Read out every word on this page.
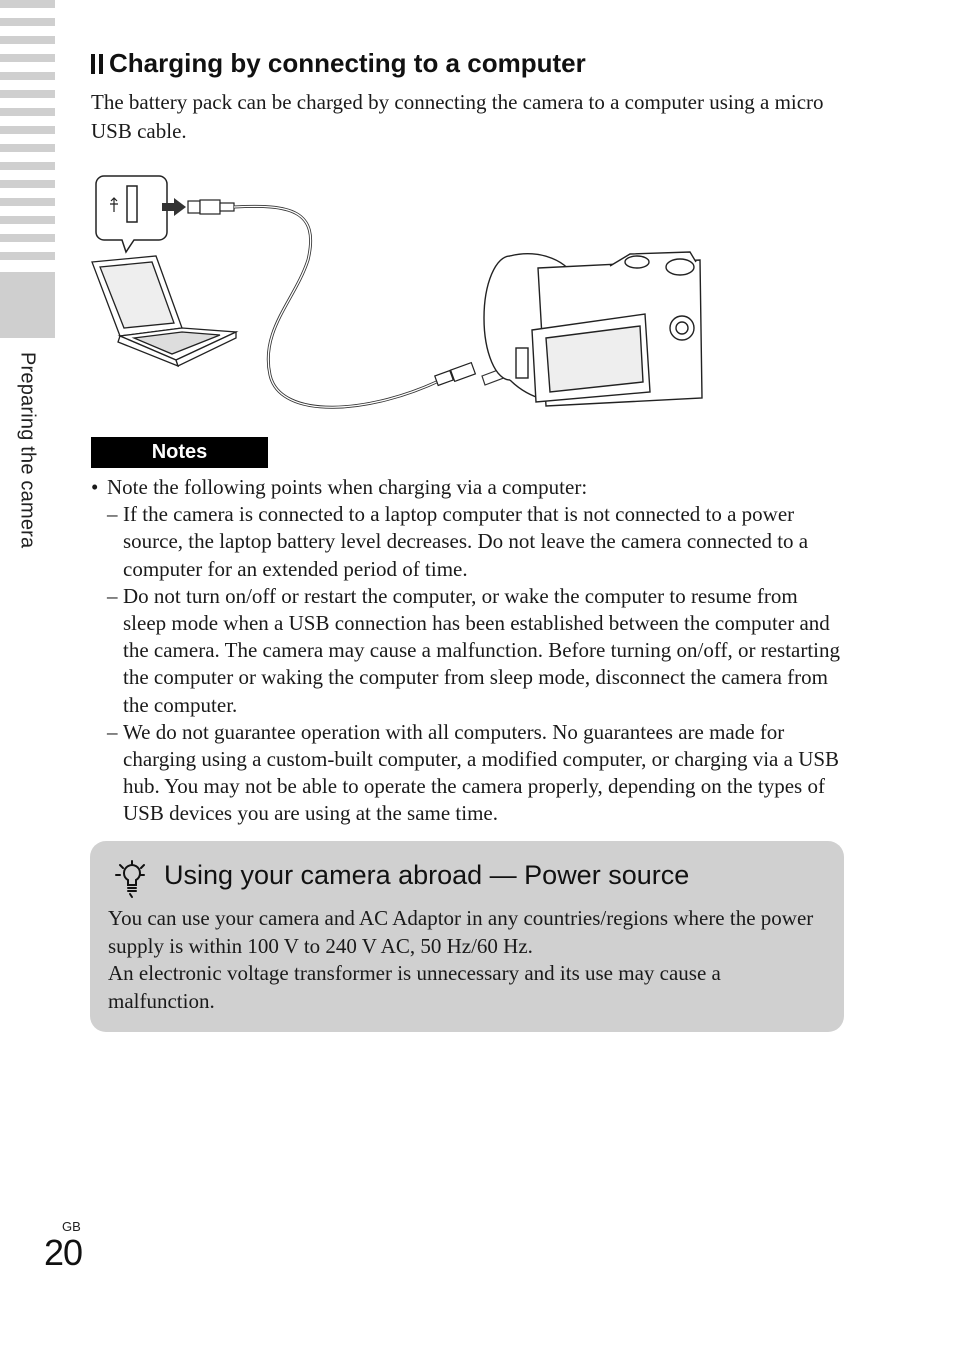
Preparing the camera
Charging by connecting to a computer

The battery pack can be charged by connecting the camera to a computer using a micro USB cable.

Notes
• Note the following points when charging via a computer:
– If the camera is connected to a laptop computer that is not connected to a power source, the laptop battery level decreases. Do not leave the camera connected to a computer for an extended period of time.
– Do not turn on/off or restart the computer, or wake the computer to resume from sleep mode when a USB connection has been established between the computer and the camera. The camera may cause a malfunction. Before turning on/off, or restarting the computer or waking the computer from sleep mode, disconnect the camera from the computer.
– We do not guarantee operation with all computers. No guarantees are made for charging using a custom-built computer, a modified computer, or charging via a USB hub. You may not be able to operate the camera properly, depending on the types of USB devices you are using at the same time.
Using your camera abroad — Power source

You can use your camera and AC Adaptor in any countries/regions where the power supply is within 100 V to 240 V AC, 50 Hz/60 Hz.

An electronic voltage transformer is unnecessary and its use may cause a malfunction.

GB
20
